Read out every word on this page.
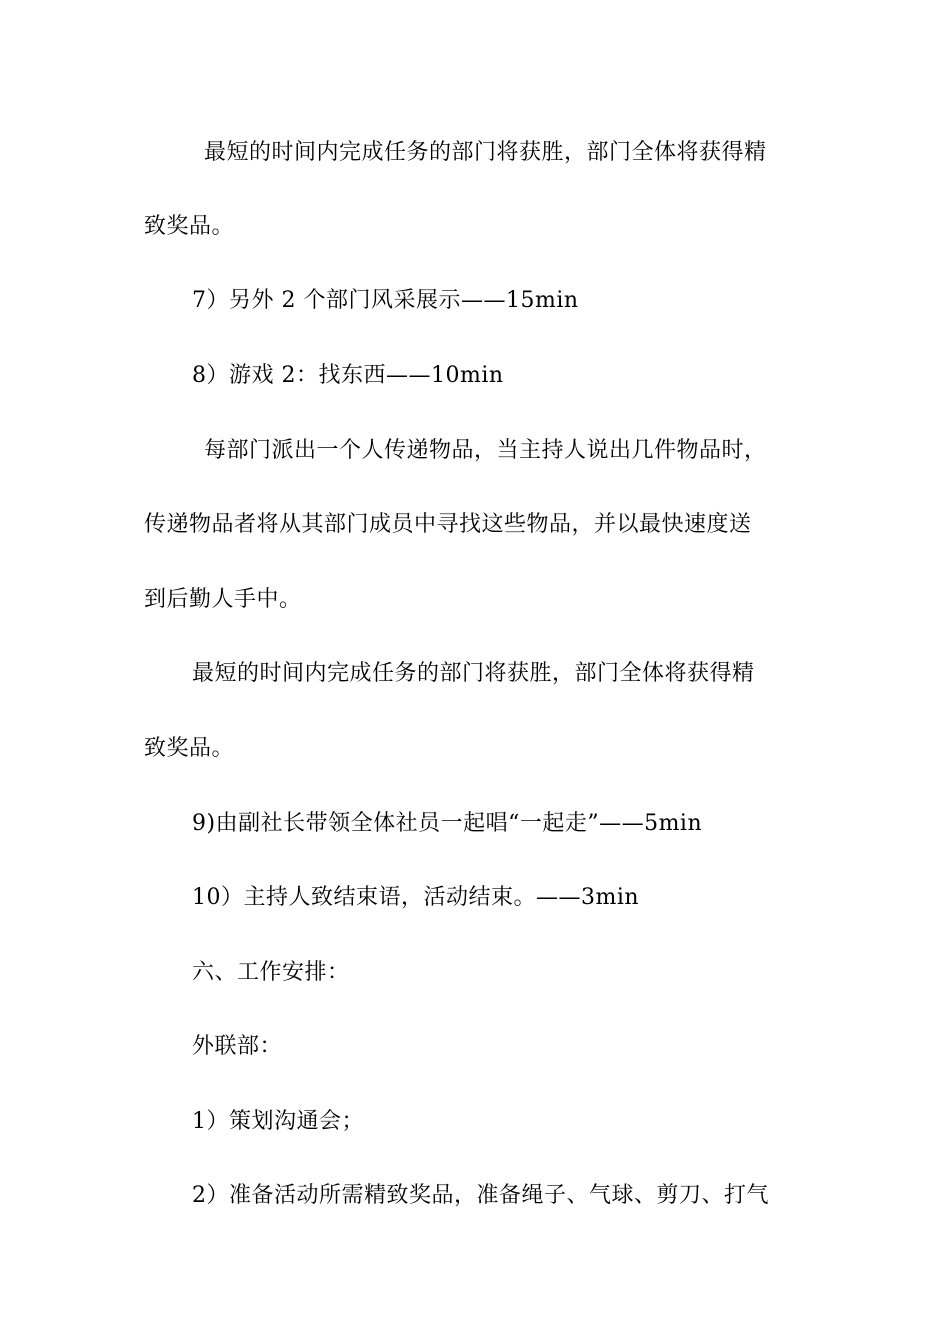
最短的时间内完成任务的部门将获胜，部门全体将获得精
致奖品。
7）另外 2 个部门风采展示——15min
8）游戏 2：找东西——10min
每部门派出一个人传递物品，当主持人说出几件物品时，
传递物品者将从其部门成员中寻找这些物品，并以最快速度送
到后勤人手中。
最短的时间内完成任务的部门将获胜，部门全体将获得精
致奖品。
9)由副社长带领全体社员一起唱“一起走”——5min
10）主持人致结束语，活动结束。——3min
六、工作安排：
外联部：
1）策划沟通会；
2）准备活动所需精致奖品，准备绳子、气球、剪刀、打气
